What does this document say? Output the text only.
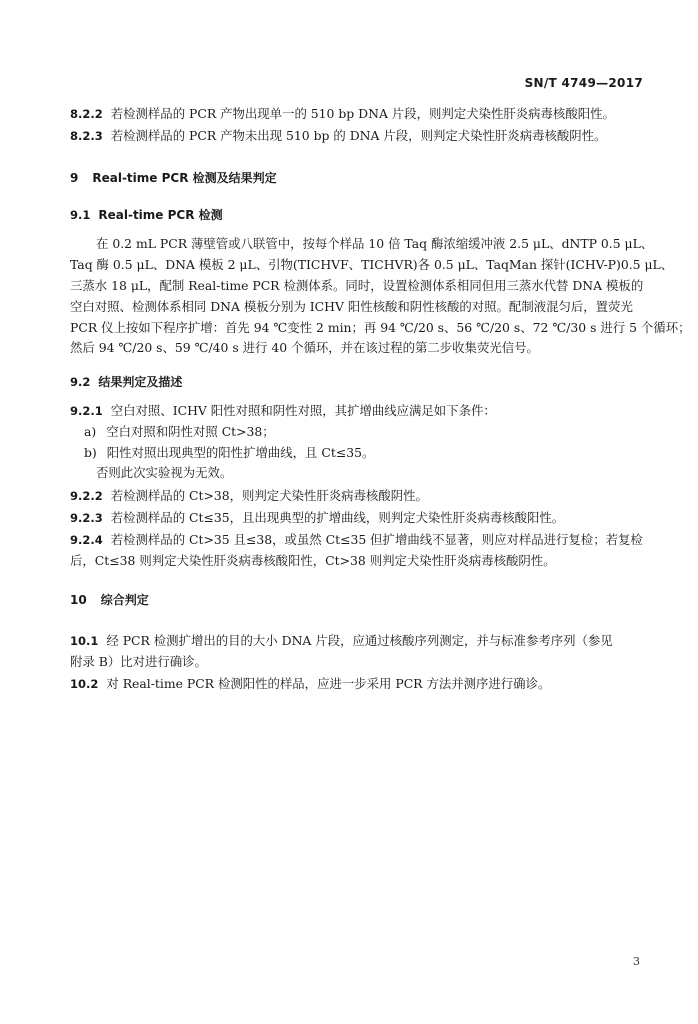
SN/T 4749—2017
8.2.2 若检测样品的 PCR 产物出现单一的 510 bp DNA 片段，则判定犬染性肝炎病毒核酸阳性。
8.2.3 若检测样品的 PCR 产物未出现 510 bp 的 DNA 片段，则判定犬染性肝炎病毒核酸阴性。
9 Real-time PCR 检测及结果判定
9.1 Real-time PCR 检测
在 0.2 mL PCR 薄壁管或八联管中，按每个样品 10 倍 Taq 酶浓缩缓冲液 2.5 μL、dNTP 0.5 μL、
Taq 酶 0.5 μL、DNA 模板 2 μL、引物(TICHVF、TICHVR)各 0.5 μL、TaqMan 探针(ICHV-P)0.5 μL、
三蒸水 18 μL，配制 Real-time PCR 检测体系。同时，设置检测体系相同但用三蒸水代替 DNA 模板的
空白对照、检测体系相同 DNA 模板分别为 ICHV 阳性核酸和阴性核酸的对照。配制液混匀后，置荧光
PCR 仪上按如下程序扩增：首先 94 ℃变性 2 min；再 94 ℃/20 s、56 ℃/20 s、72 ℃/30 s 进行 5 个循环；
然后 94 ℃/20 s、59 ℃/40 s 进行 40 个循环，并在该过程的第二步收集荧光信号。
9.2 结果判定及描述
9.2.1 空白对照、ICHV 阳性对照和阴性对照，其扩增曲线应满足如下条件：
a) 空白对照和阴性对照 Ct>38；
b) 阳性对照出现典型的阳性扩增曲线，且 Ct≤35。
否则此次实验视为无效。
9.2.2 若检测样品的 Ct>38，则判定犬染性肝炎病毒核酸阴性。
9.2.3 若检测样品的 Ct≤35，且出现典型的扩增曲线，则判定犬染性肝炎病毒核酸阳性。
9.2.4 若检测样品的 Ct>35 且≤38，或虽然 Ct≤35 但扩增曲线不显著，则应对样品进行复检；若复检
后，Ct≤38 则判定犬染性肝炎病毒核酸阳性，Ct>38 则判定犬染性肝炎病毒核酸阴性。
10 综合判定
10.1 经 PCR 检测扩增出的目的大小 DNA 片段，应通过核酸序列测定，并与标准参考序列（参见
附录 B）比对进行确诊。
10.2 对 Real-time PCR 检测阳性的样品，应进一步采用 PCR 方法并测序进行确诊。
3
